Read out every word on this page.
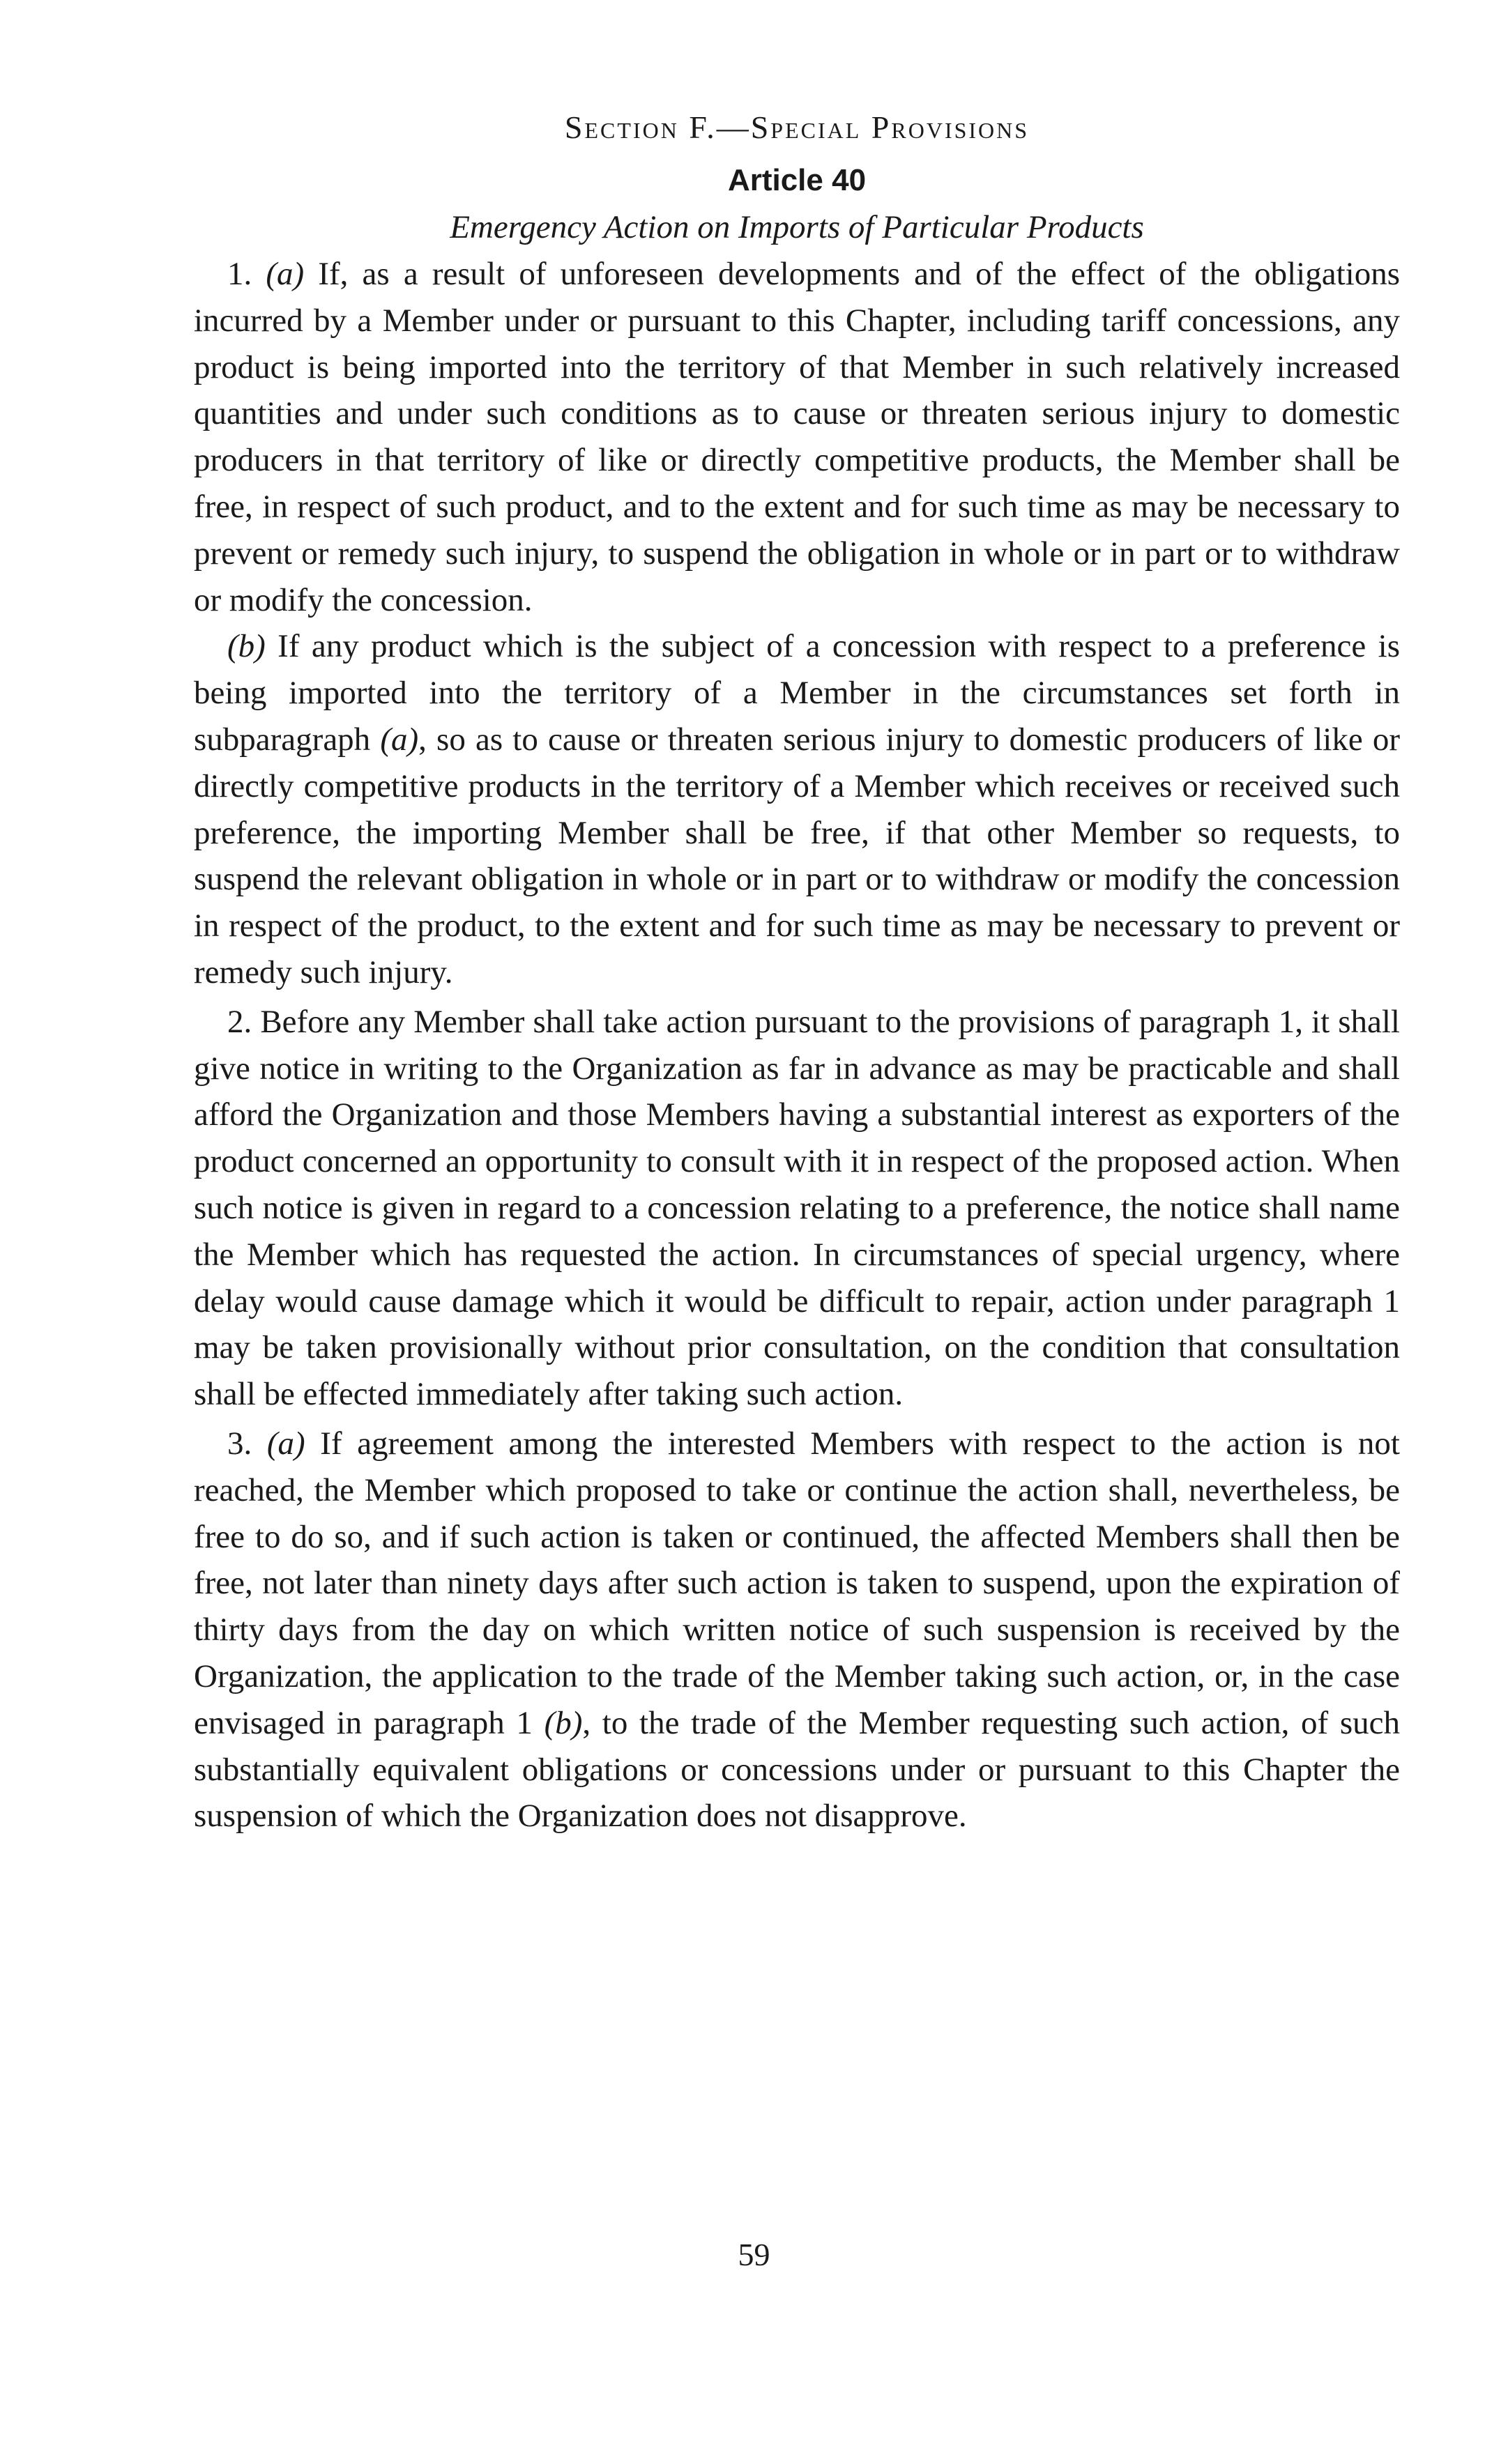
Section F.—Special Provisions
Article 40
Emergency Action on Imports of Particular Products

1. (a) If, as a result of unforeseen developments and of the effect of the obligations incurred by a Member under or pursuant to this Chapter, including tariff concessions, any product is being imported into the territory of that Member in such relatively increased quantities and under such conditions as to cause or threaten serious injury to domestic producers in that territory of like or directly competitive products, the Member shall be free, in respect of such product, and to the extent and for such time as may be necessary to prevent or remedy such injury, to suspend the obligation in whole or in part or to withdraw or modify the concession.

(b) If any product which is the subject of a concession with respect to a preference is being imported into the territory of a Member in the circumstances set forth in subparagraph (a), so as to cause or threaten serious injury to domestic producers of like or directly competitive products in the territory of a Member which receives or received such preference, the importing Member shall be free, if that other Member so requests, to suspend the relevant obligation in whole or in part or to withdraw or modify the concession in respect of the product, to the extent and for such time as may be necessary to prevent or remedy such injury.

2. Before any Member shall take action pursuant to the provisions of paragraph 1, it shall give notice in writing to the Organization as far in advance as may be practicable and shall afford the Organization and those Members having a substantial interest as exporters of the product concerned an opportunity to consult with it in respect of the proposed action. When such notice is given in regard to a concession relating to a preference, the notice shall name the Member which has requested the action. In circumstances of special urgency, where delay would cause damage which it would be difficult to repair, action under paragraph 1 may be taken provisionally without prior consultation, on the condition that consultation shall be effected immediately after taking such action.

3. (a) If agreement among the interested Members with respect to the action is not reached, the Member which proposed to take or continue the action shall, nevertheless, be free to do so, and if such action is taken or continued, the affected Members shall then be free, not later than ninety days after such action is taken to suspend, upon the expiration of thirty days from the day on which written notice of such suspension is received by the Organization, the application to the trade of the Member taking such action, or, in the case envisaged in paragraph 1 (b), to the trade of the Member requesting such action, of such substantially equivalent obligations or concessions under or pursuant to this Chapter the suspension of which the Organization does not disapprove.

59
